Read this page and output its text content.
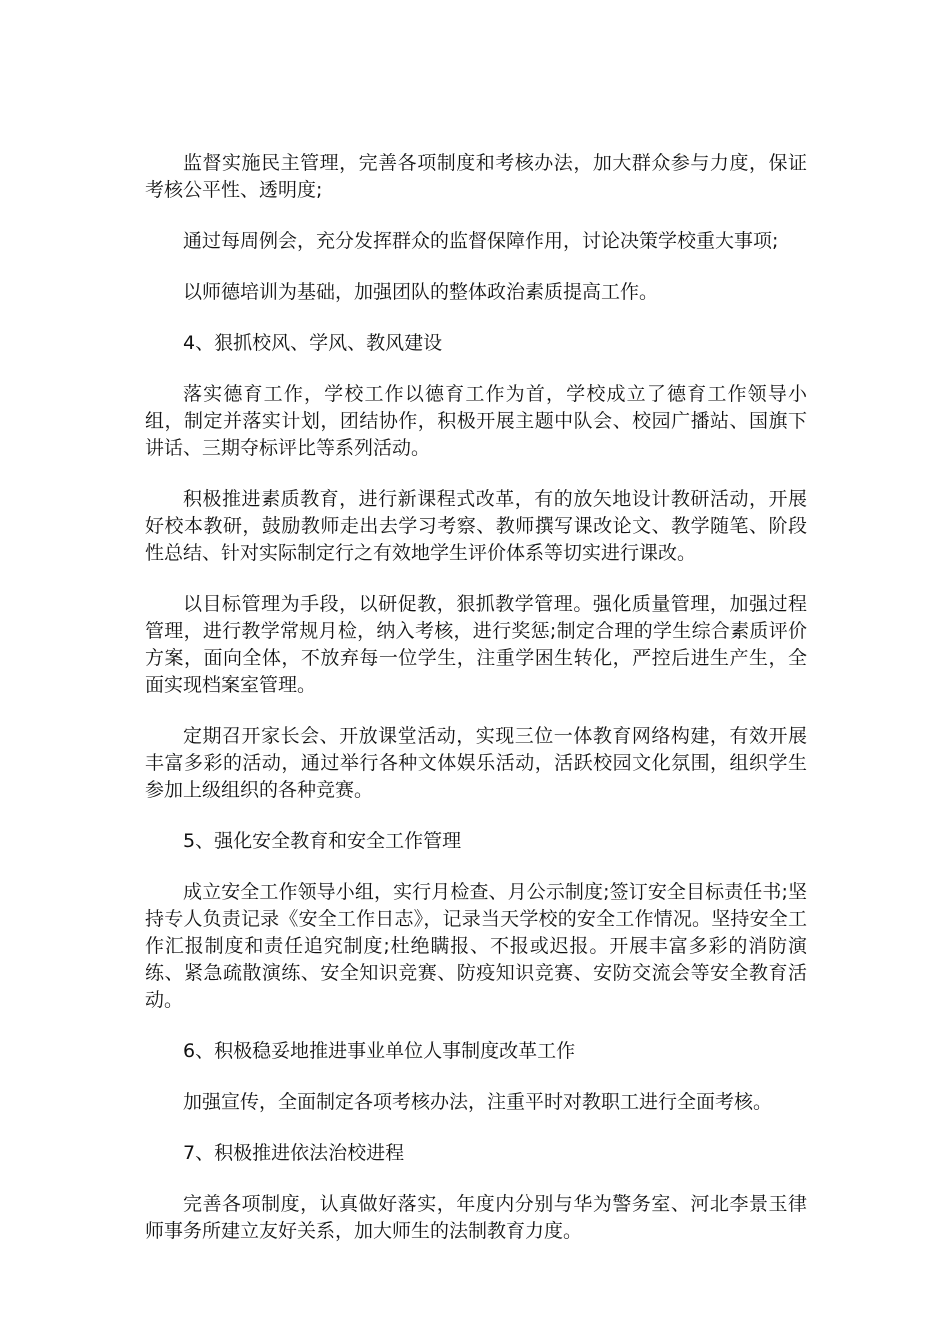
监督实施民主管理，完善各项制度和考核办法，加大群众参与力度，保证考核公平性、透明度;

通过每周例会，充分发挥群众的监督保障作用，讨论决策学校重大事项;

以师德培训为基础，加强团队的整体政治素质提高工作。

4、狠抓校风、学风、教风建设

落实德育工作，学校工作以德育工作为首，学校成立了德育工作领导小组，制定并落实计划，团结协作，积极开展主题中队会、校园广播站、国旗下讲话、三期夺标评比等系列活动。

积极推进素质教育，进行新课程式改革，有的放矢地设计教研活动，开展好校本教研，鼓励教师走出去学习考察、教师撰写课改论文、教学随笔、阶段性总结、针对实际制定行之有效地学生评价体系等切实进行课改。

以目标管理为手段，以研促教，狠抓教学管理。强化质量管理，加强过程管理，进行教学常规月检，纳入考核，进行奖惩;制定合理的学生综合素质评价方案，面向全体，不放弃每一位学生，注重学困生转化，严控后进生产生，全面实现档案室管理。

定期召开家长会、开放课堂活动，实现三位一体教育网络构建，有效开展丰富多彩的活动，通过举行各种文体娱乐活动，活跃校园文化氛围，组织学生参加上级组织的各种竞赛。

5、强化安全教育和安全工作管理

成立安全工作领导小组，实行月检查、月公示制度;签订安全目标责任书;坚持专人负责记录《安全工作日志》，记录当天学校的安全工作情况。坚持安全工作汇报制度和责任追究制度;杜绝瞒报、不报或迟报。开展丰富多彩的消防演练、紧急疏散演练、安全知识竞赛、防疫知识竞赛、安防交流会等安全教育活动。

6、积极稳妥地推进事业单位人事制度改革工作

加强宣传，全面制定各项考核办法，注重平时对教职工进行全面考核。

7、积极推进依法治校进程

完善各项制度，认真做好落实，年度内分别与华为警务室、河北李景玉律师事务所建立友好关系，加大师生的法制教育力度。
